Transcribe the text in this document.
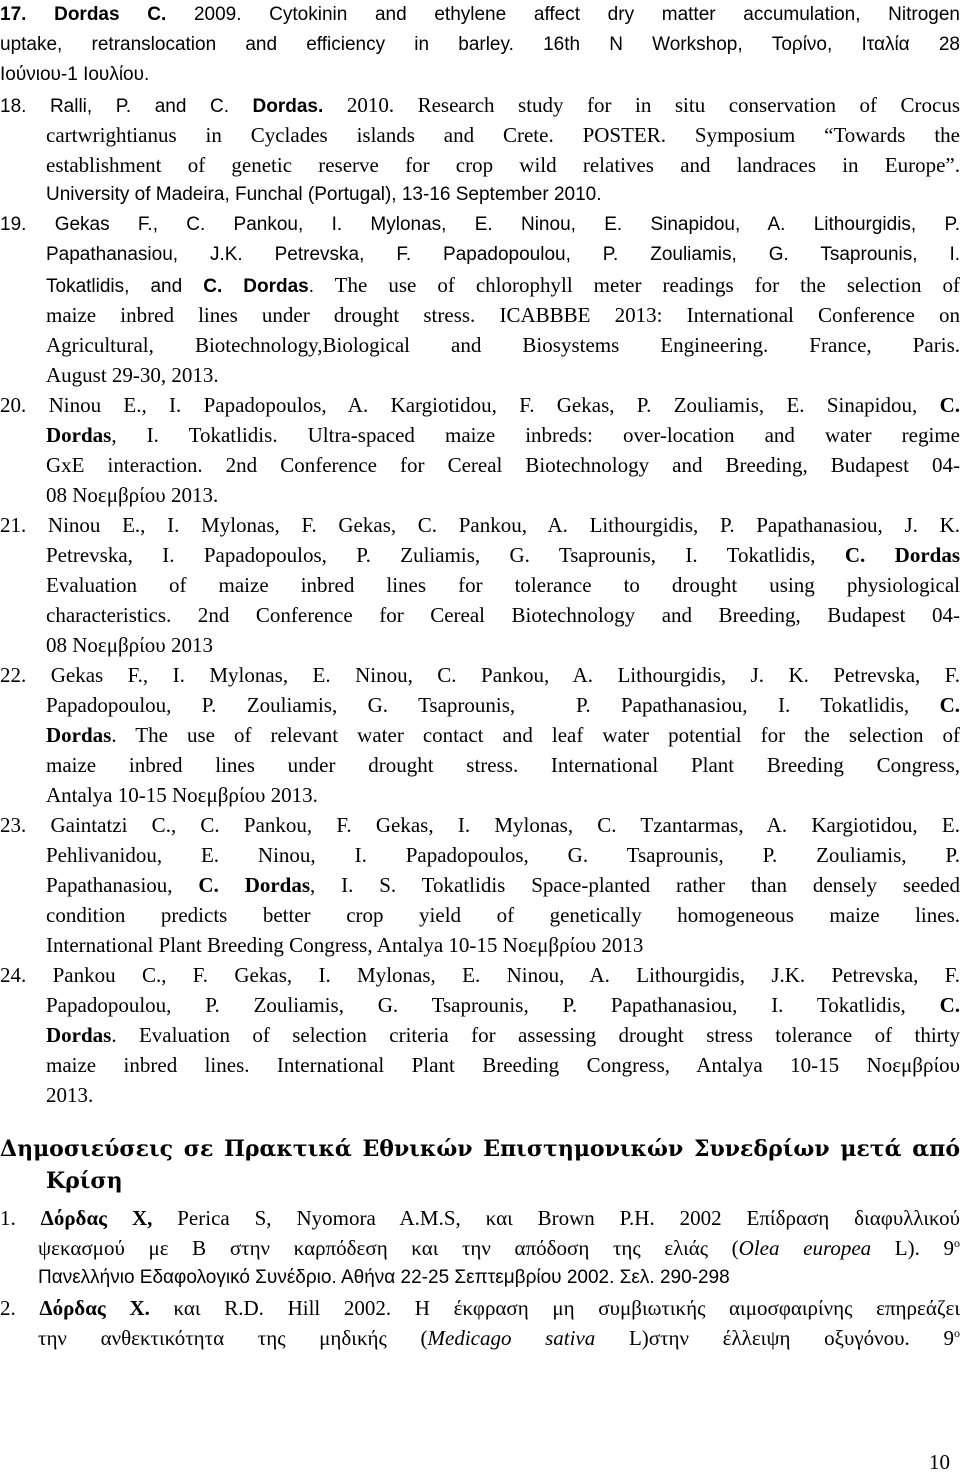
17. Dordas C. 2009. Cytokinin and ethylene affect dry matter accumulation, Nitrogen
uptake, retranslocation and efficiency in barley. 16th N Workshop, Τορίνο, Ιταλία 28
Ιούνιου-1 Ιουλίου.
18. Ralli, P. and C. Dordas. 2010. Research study for in situ conservation of Crocus
cartwrightianus in Cyclades islands and Crete. POSTER. Symposium “Towards the
establishment of genetic reserve for crop wild relatives and landraces in Europe”.
University of Madeira, Funchal (Portugal), 13-16 September 2010.
19. Gekas F., C. Pankou, I. Mylonas, E. Ninou, E. Sinapidou, A. Lithourgidis, P.
Papathanasiou, J.K. Petrevska, F. Papadopoulou, P. Zouliamis, G. Tsaprounis, I.
Tokatlidis, and C. Dordas. The use of chlorophyll meter readings for the selection of
maize inbred lines under drought stress. ICABBBE 2013: International Conference on
Agricultural, Biotechnology,Biological and Biosystems Engineering. France, Paris.
August 29-30, 2013.
20. Ninou E., I. Papadopoulos, A. Kargiotidou, F. Gekas, P. Zouliamis, E. Sinapidou, C.
Dordas, I. Tokatlidis. Ultra-spaced maize inbreds: over-location and water regime
GxE interaction. 2nd Conference for Cereal Biotechnology and Breeding, Budapest 04-
08 Νοεμβρίου 2013.
21. Ninou E., I. Mylonas, F. Gekas, C. Pankou, A. Lithourgidis, P. Papathanasiou, J. K.
Petrevska, I. Papadopoulos, P. Zuliamis, G. Tsaprounis, I. Tokatlidis, C. Dordas
Evaluation of maize inbred lines for tolerance to drought using physiological
characteristics. 2nd Conference for Cereal Biotechnology and Breeding, Budapest 04-
08 Νοεμβρίου 2013
22. Gekas F., I. Mylonas, E. Ninou, C. Pankou, A. Lithourgidis, J. K. Petrevska, F.
Papadopoulou, P. Zouliamis, G. Tsaprounis,  P. Papathanasiou, I. Tokatlidis, C.
Dordas. The use of relevant water contact and leaf water potential for the selection of
maize inbred lines under drought stress. International Plant Breeding Congress,
Antalya 10-15 Νοεμβρίου 2013.
23. Gaintatzi C., C. Pankou, F. Gekas, I. Mylonas, C. Tzantarmas, A. Kargiotidou, E.
Pehlivanidou, E. Ninou, I. Papadopoulos, G. Tsaprounis, P. Zouliamis, P.
Papathanasiou, C. Dordas, I. S. Tokatlidis Space-planted rather than densely seeded
condition predicts better crop yield of genetically homogeneous maize lines.
International Plant Breeding Congress, Antalya 10-15 Νοεμβρίου 2013
24. Pankou C., F. Gekas, I. Mylonas, E. Ninou, A. Lithourgidis, J.K. Petrevska, F.
Papadopoulou, P. Zouliamis, G. Tsaprounis, P. Papathanasiou, I. Tokatlidis, C.
Dordas. Evaluation of selection criteria for assessing drought stress tolerance of thirty
maize inbred lines. International Plant Breeding Congress, Antalya 10-15 Νοεμβρίου
2013.
Δημοσιεύσεις σε Πρακτικά Εθνικών Επιστημονικών Συνεδρίων μετά από
Κρίση
1. Δόρδας Χ, Perica S, Nyomora A.M.S, και Brown P.H. 2002 Επίδραση διαφυλλικού
ψεκασμού με B στην καρπόδεση και την απόδοση της ελιάς (Olea europea L). $9^o$
Πανελλήνιο Εδαφολογικό Συνέδριο. Αθήνα 22-25 Σεπτεμβρίου 2002. Σελ. 290-298
2. Δόρδας Χ. και R.D. Hill 2002. Η έκφραση μη συμβιωτικής αιμοσφαιρίνης επηρεάζει
την ανθεκτικότητα της μηδικής (Medicago sativa L)στην έλλειψη οξυγόνου. $9^o$
10
